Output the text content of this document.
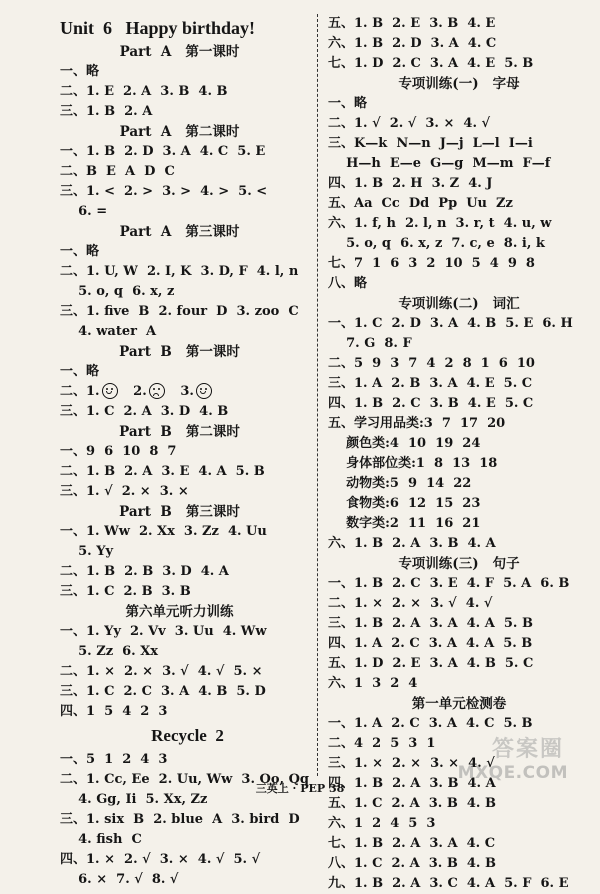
Unit  6   Happy birthday!
Part  A   第一课时
一、略
二、1. E  2. A  3. B  4. B
三、1. B  2. A
Part  A   第二课时
一、1. B  2. D  3. A  4. C  5. E
二、B  E  A  D  C
三、1. <  2. >  3. >  4. >  5. <
6. =
Part  A   第三课时
一、略
二、1. U, W  2. I, K  3. D, F  4. l, n
5. o, q  6. x, z
三、1. five  B  2. four  D  3. zoo  C
4. water  A
Part  B   第一课时
一、略
二、1.	2.	3.
三、1. C  2. A  3. D  4. B
Part  B   第二课时
一、9  6  10  8  7
二、1. B  2. A  3. E  4. A  5. B
三、1. √  2. ×  3. ×
Part  B   第三课时
一、1. Ww  2. Xx  3. Zz  4. Uu
5. Yy
二、1. B  2. B  3. D  4. A
三、1. C  2. B  3. B
第六单元听力训练
一、1. Yy  2. Vv  3. Uu  4. Ww
5. Zz  6. Xx
二、1. ×  2. ×  3. √  4. √  5. ×
三、1. C  2. C  3. A  4. B  5. D
四、1  5  4  2  3
Recycle  2
一、5  1  2  4  3
二、1. Cc, Ee  2. Uu, Ww  3. Oo, Qq
4. Gg, Ii  5. Xx, Zz
三、1. six  B  2. blue  A  3. bird  D
4. fish  C
四、1. ×  2. √  3. ×  4. √  5. √
6. ×  7. √  8. √
五、1. B  2. E  3. B  4. E
六、1. B  2. D  3. A  4. C
七、1. D  2. C  3. A  4. E  5. B
专项训练(一)   字母
一、略
二、1. √  2. √  3. ×  4. √
三、K—k  N—n  J—j  L—l  I—i
H—h  E—e  G—g  M—m  F—f
四、1. B  2. H  3. Z  4. J
五、Aa  Cc  Dd  Pp  Uu  Zz
六、1. f, h  2. l, n  3. r, t  4. u, w
5. o, q  6. x, z  7. c, e  8. i, k
七、7  1  6  3  2  10  5  4  9  8
八、略
专项训练(二)   词汇
一、1. C  2. D  3. A  4. B  5. E  6. H
7. G  8. F
二、5  9  3  7  4  2  8  1  6  10
三、1. A  2. B  3. A  4. E  5. C
四、1. B  2. C  3. B  4. E  5. C
五、学习用品类:3  7  17  20
颜色类:4  10  19  24
身体部位类:1  8  13  18
动物类:5  9  14  22
食物类:6  12  15  23
数字类:2  11  16  21
六、1. B  2. A  3. B  4. A
专项训练(三)   句子
一、1. B  2. C  3. E  4. F  5. A  6. B
二、1. ×  2. ×  3. √  4. √
三、1. B  2. A  3. A  4. A  5. B
四、1. A  2. C  3. A  4. A  5. B
五、1. D  2. E  3. A  4. B  5. C
六、1  3  2  4
第一单元检测卷
一、1. A  2. C  3. A  4. C  5. B
二、4  2  5  3  1
三、1. ×  2. ×  3. ×  4. √
四、1. B  2. A  3. B  4. A
五、1. C  2. A  3. B  4. B
六、1  2  4  5  3
七、1. B  2. A  3. A  4. C
八、1. C  2. A  3. B  4. B
九、1. B  2. A  3. C  4. A  5. F  6. E
三英上 · PEP 38
答案圈
MXQE.COM
